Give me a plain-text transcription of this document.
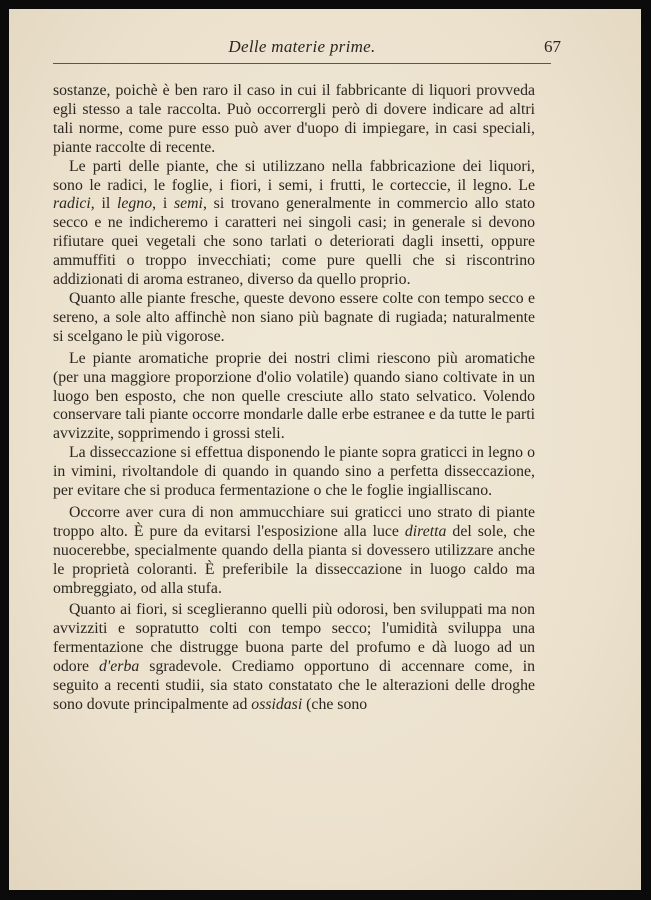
Delle materie prime.	67

sostanze, poichè è ben raro il caso in cui il fabbricante di liquori provveda egli stesso a tale raccolta. Può occorrergli però di dovere indicare ad altri tali norme, come pure esso può aver d'uopo di impiegare, in casi speciali, piante raccolte di recente.

Le parti delle piante, che si utilizzano nella fabbricazione dei liquori, sono le radici, le foglie, i fiori, i semi, i frutti, le corteccie, il legno. Le radici, il legno, i semi, si trovano generalmente in commercio allo stato secco e ne indicheremo i caratteri nei singoli casi; in generale si devono rifiutare quei vegetali che sono tarlati o deteriorati dagli insetti, oppure ammuffiti o troppo invecchiati; come pure quelli che si riscontrino addizionati di aroma estraneo, diverso da quello proprio.

Quanto alle piante fresche, queste devono essere colte con tempo secco e sereno, a sole alto affinchè non siano più bagnate di rugiada; naturalmente si scelgano le più vigorose.

Le piante aromatiche proprie dei nostri climi riescono più aromatiche (per una maggiore proporzione d'olio volatile) quando siano coltivate in un luogo ben esposto, che non quelle cresciute allo stato selvatico. Volendo conservare tali piante occorre mondarle dalle erbe estranee e da tutte le parti avvizzite, sopprimendo i grossi steli.

La disseccazione si effettua disponendo le piante sopra graticci in legno o in vimini, rivoltandole di quando in quando sino a perfetta disseccazione, per evitare che si produca fermentazione o che le foglie ingialliscano.

Occorre aver cura di non ammucchiare sui graticci uno strato di piante troppo alto. È pure da evitarsi l'esposizione alla luce diretta del sole, che nuocerebbe, specialmente quando della pianta si dovessero utilizzare anche le proprietà coloranti. È preferibile la disseccazione in luogo caldo ma ombreggiato, od alla stufa.

Quanto ai fiori, si sceglieranno quelli più odorosi, ben sviluppati ma non avvizziti e sopratutto colti con tempo secco; l'umidità sviluppa una fermentazione che distrugge buona parte del profumo e dà luogo ad un odore d'erba sgradevole. Crediamo opportuno di accennare come, in seguito a recenti studii, sia stato constatato che le alterazioni delle droghe sono dovute principalmente ad ossidasi (che sono
